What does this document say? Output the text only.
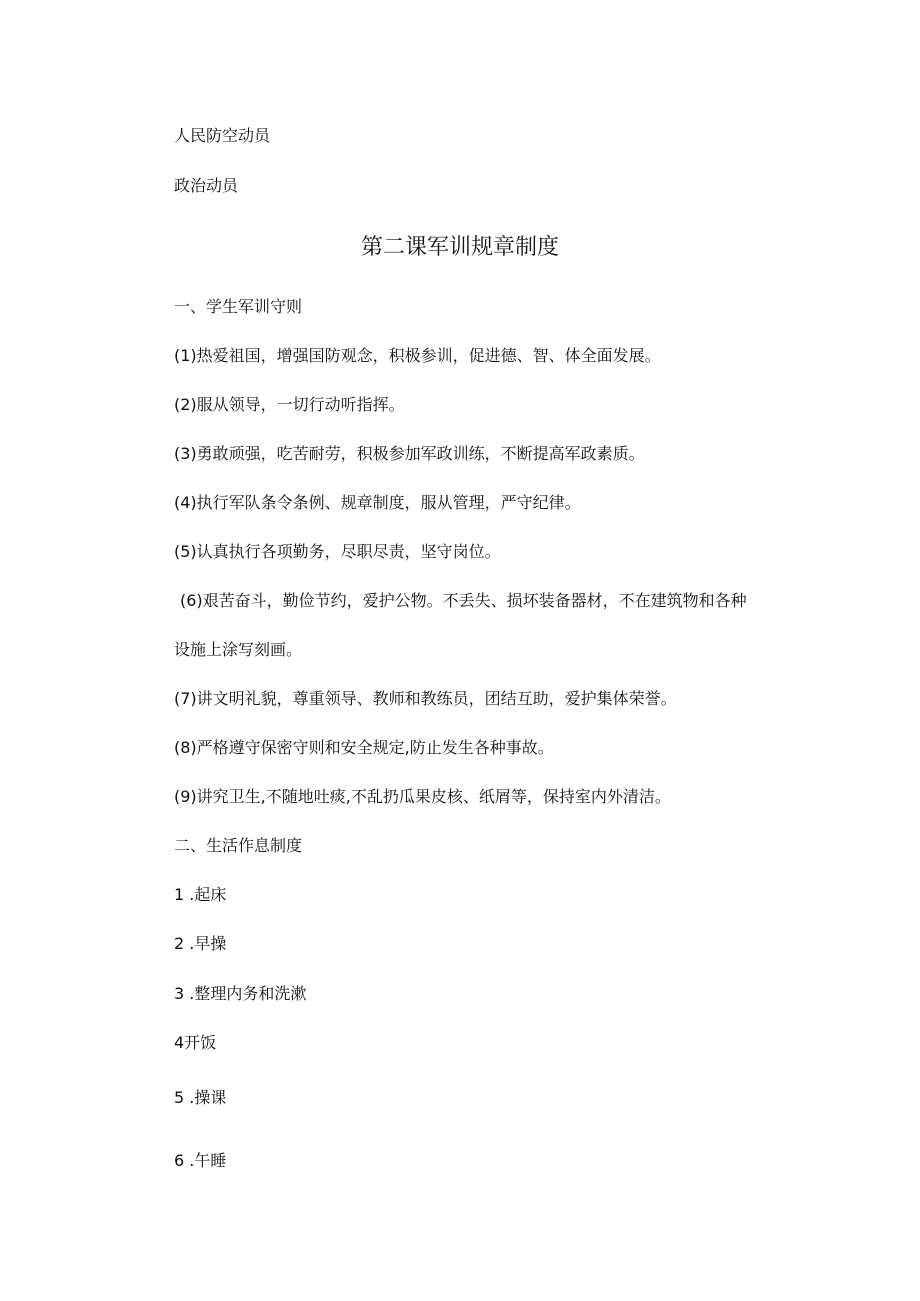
人民防空动员
政治动员
第二课军训规章制度
一、学生军训守则
(1)热爱祖国，增强国防观念，积极参训，促进德、智、体全面发展。
(2)服从领导，一切行动听指挥。
(3)勇敢顽强，吃苦耐劳，积极参加军政训练，不断提高军政素质。
(4)执行军队条令条例、规章制度，服从管理，严守纪律。
(5)认真执行各项勤务，尽职尽责，坚守岗位。
(6)艰苦奋斗，勤俭节约，爱护公物。不丢失、损坏装备器材，不在建筑物和各种
设施上涂写刻画。
(7)讲文明礼貌，尊重领导、教师和教练员，团结互助，爱护集体荣誉。
(8)严格遵守保密守则和安全规定,防止发生各种事故。
(9)讲究卫生,不随地吐痰,不乱扔瓜果皮核、纸屑等，保持室内外清洁。
二、生活作息制度
1 .起床
2 .早操
3 .整理内务和洗漱
4开饭
5 .操课
6 .午睡
